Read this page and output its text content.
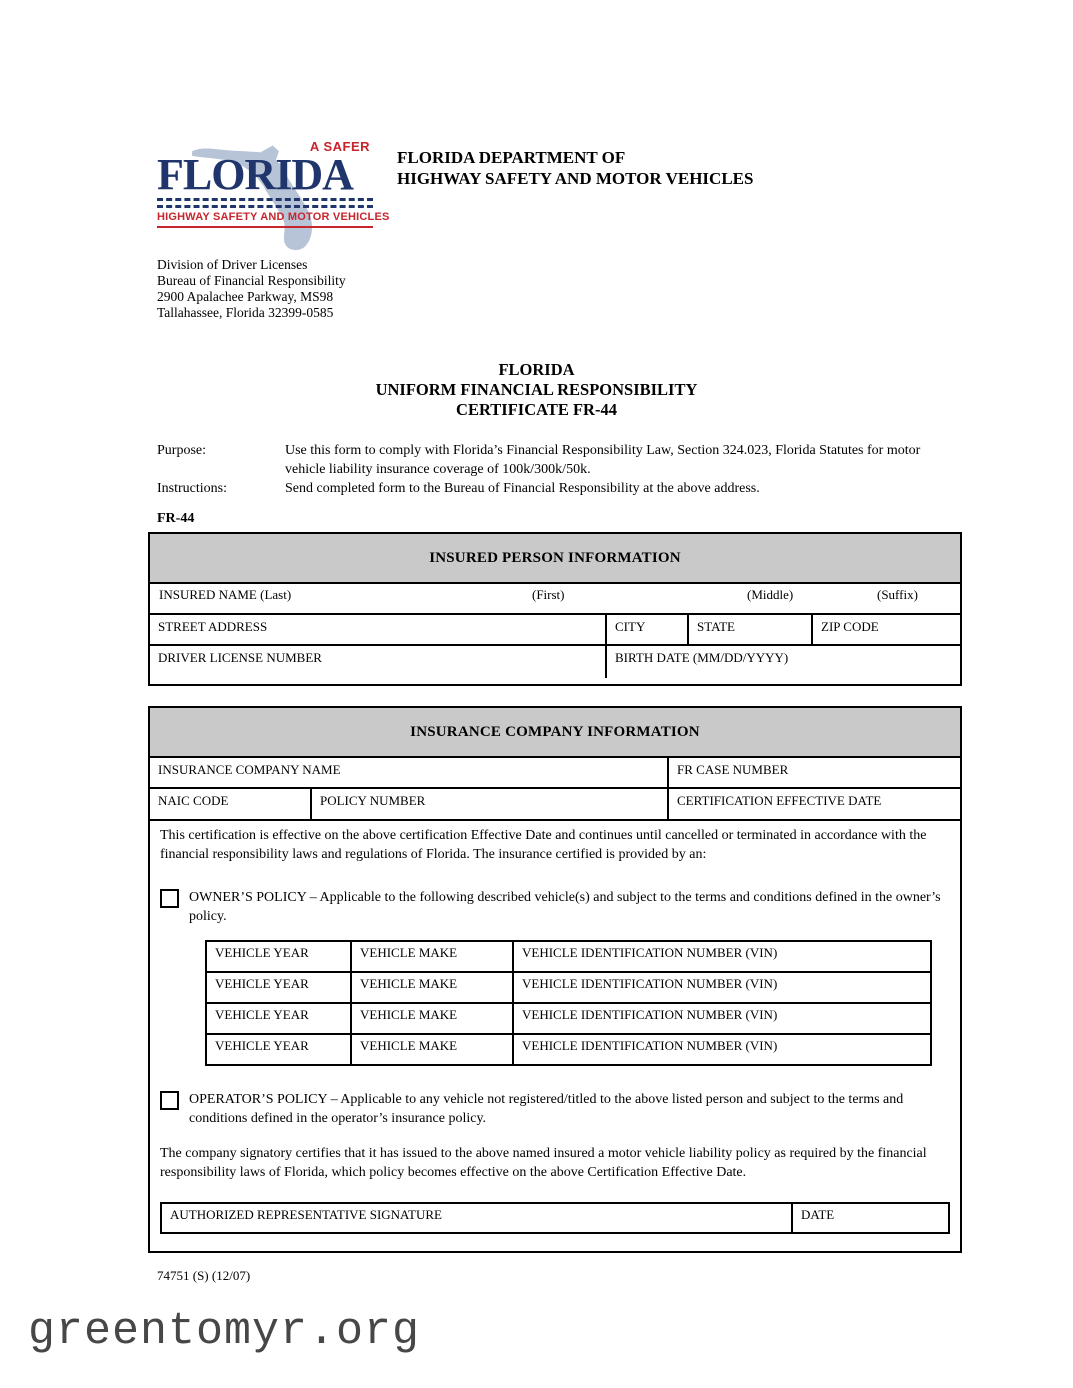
A SAFER
FLORIDA
HIGHWAY SAFETY AND MOTOR VEHICLES
FLORIDA DEPARTMENT OF
HIGHWAY SAFETY AND MOTOR VEHICLES
Division of Driver Licenses
Bureau of Financial Responsibility
2900 Apalachee Parkway, MS98
Tallahassee, Florida 32399-0585
FLORIDA
UNIFORM FINANCIAL RESPONSIBILITY
CERTIFICATE FR-44
Purpose:	Use this form to comply with Florida’s Financial Responsibility Law, Section 324.023, Florida Statutes for motor vehicle liability insurance coverage of 100k/300k/50k.
Instructions:	Send completed form to the Bureau of Financial Responsibility at the above address.
FR-44
INSURED PERSON INFORMATION
INSURED NAME (Last)	(First)	(Middle)	(Suffix)
STREET ADDRESS	CITY	STATE	ZIP CODE
DRIVER LICENSE NUMBER	BIRTH DATE (MM/DD/YYYY)
INSURANCE COMPANY INFORMATION
INSURANCE COMPANY NAME	FR CASE NUMBER
NAIC CODE	POLICY NUMBER	CERTIFICATION EFFECTIVE DATE

This certification is effective on the above certification Effective Date and continues until cancelled or terminated in accordance with the financial responsibility laws and regulations of Florida. The insurance certified is provided by an:

OWNER’S POLICY – Applicable to the following described vehicle(s) and subject to the terms and conditions defined in the owner’s policy.
VEHICLE YEAR	VEHICLE MAKE	VEHICLE IDENTIFICATION NUMBER (VIN)
VEHICLE YEAR	VEHICLE MAKE	VEHICLE IDENTIFICATION NUMBER (VIN)
VEHICLE YEAR	VEHICLE MAKE	VEHICLE IDENTIFICATION NUMBER (VIN)
VEHICLE YEAR	VEHICLE MAKE	VEHICLE IDENTIFICATION NUMBER (VIN)
OPERATOR’S POLICY – Applicable to any vehicle not registered/titled to the above listed person and subject to the terms and conditions defined in the operator’s insurance policy.

The company signatory certifies that it has issued to the above named insured a motor vehicle liability policy as required by the financial responsibility laws of Florida, which policy becomes effective on the above Certification Effective Date.

AUTHORIZED REPRESENTATIVE SIGNATURE	DATE
74751 (S) (12/07)
greentomyr.org
